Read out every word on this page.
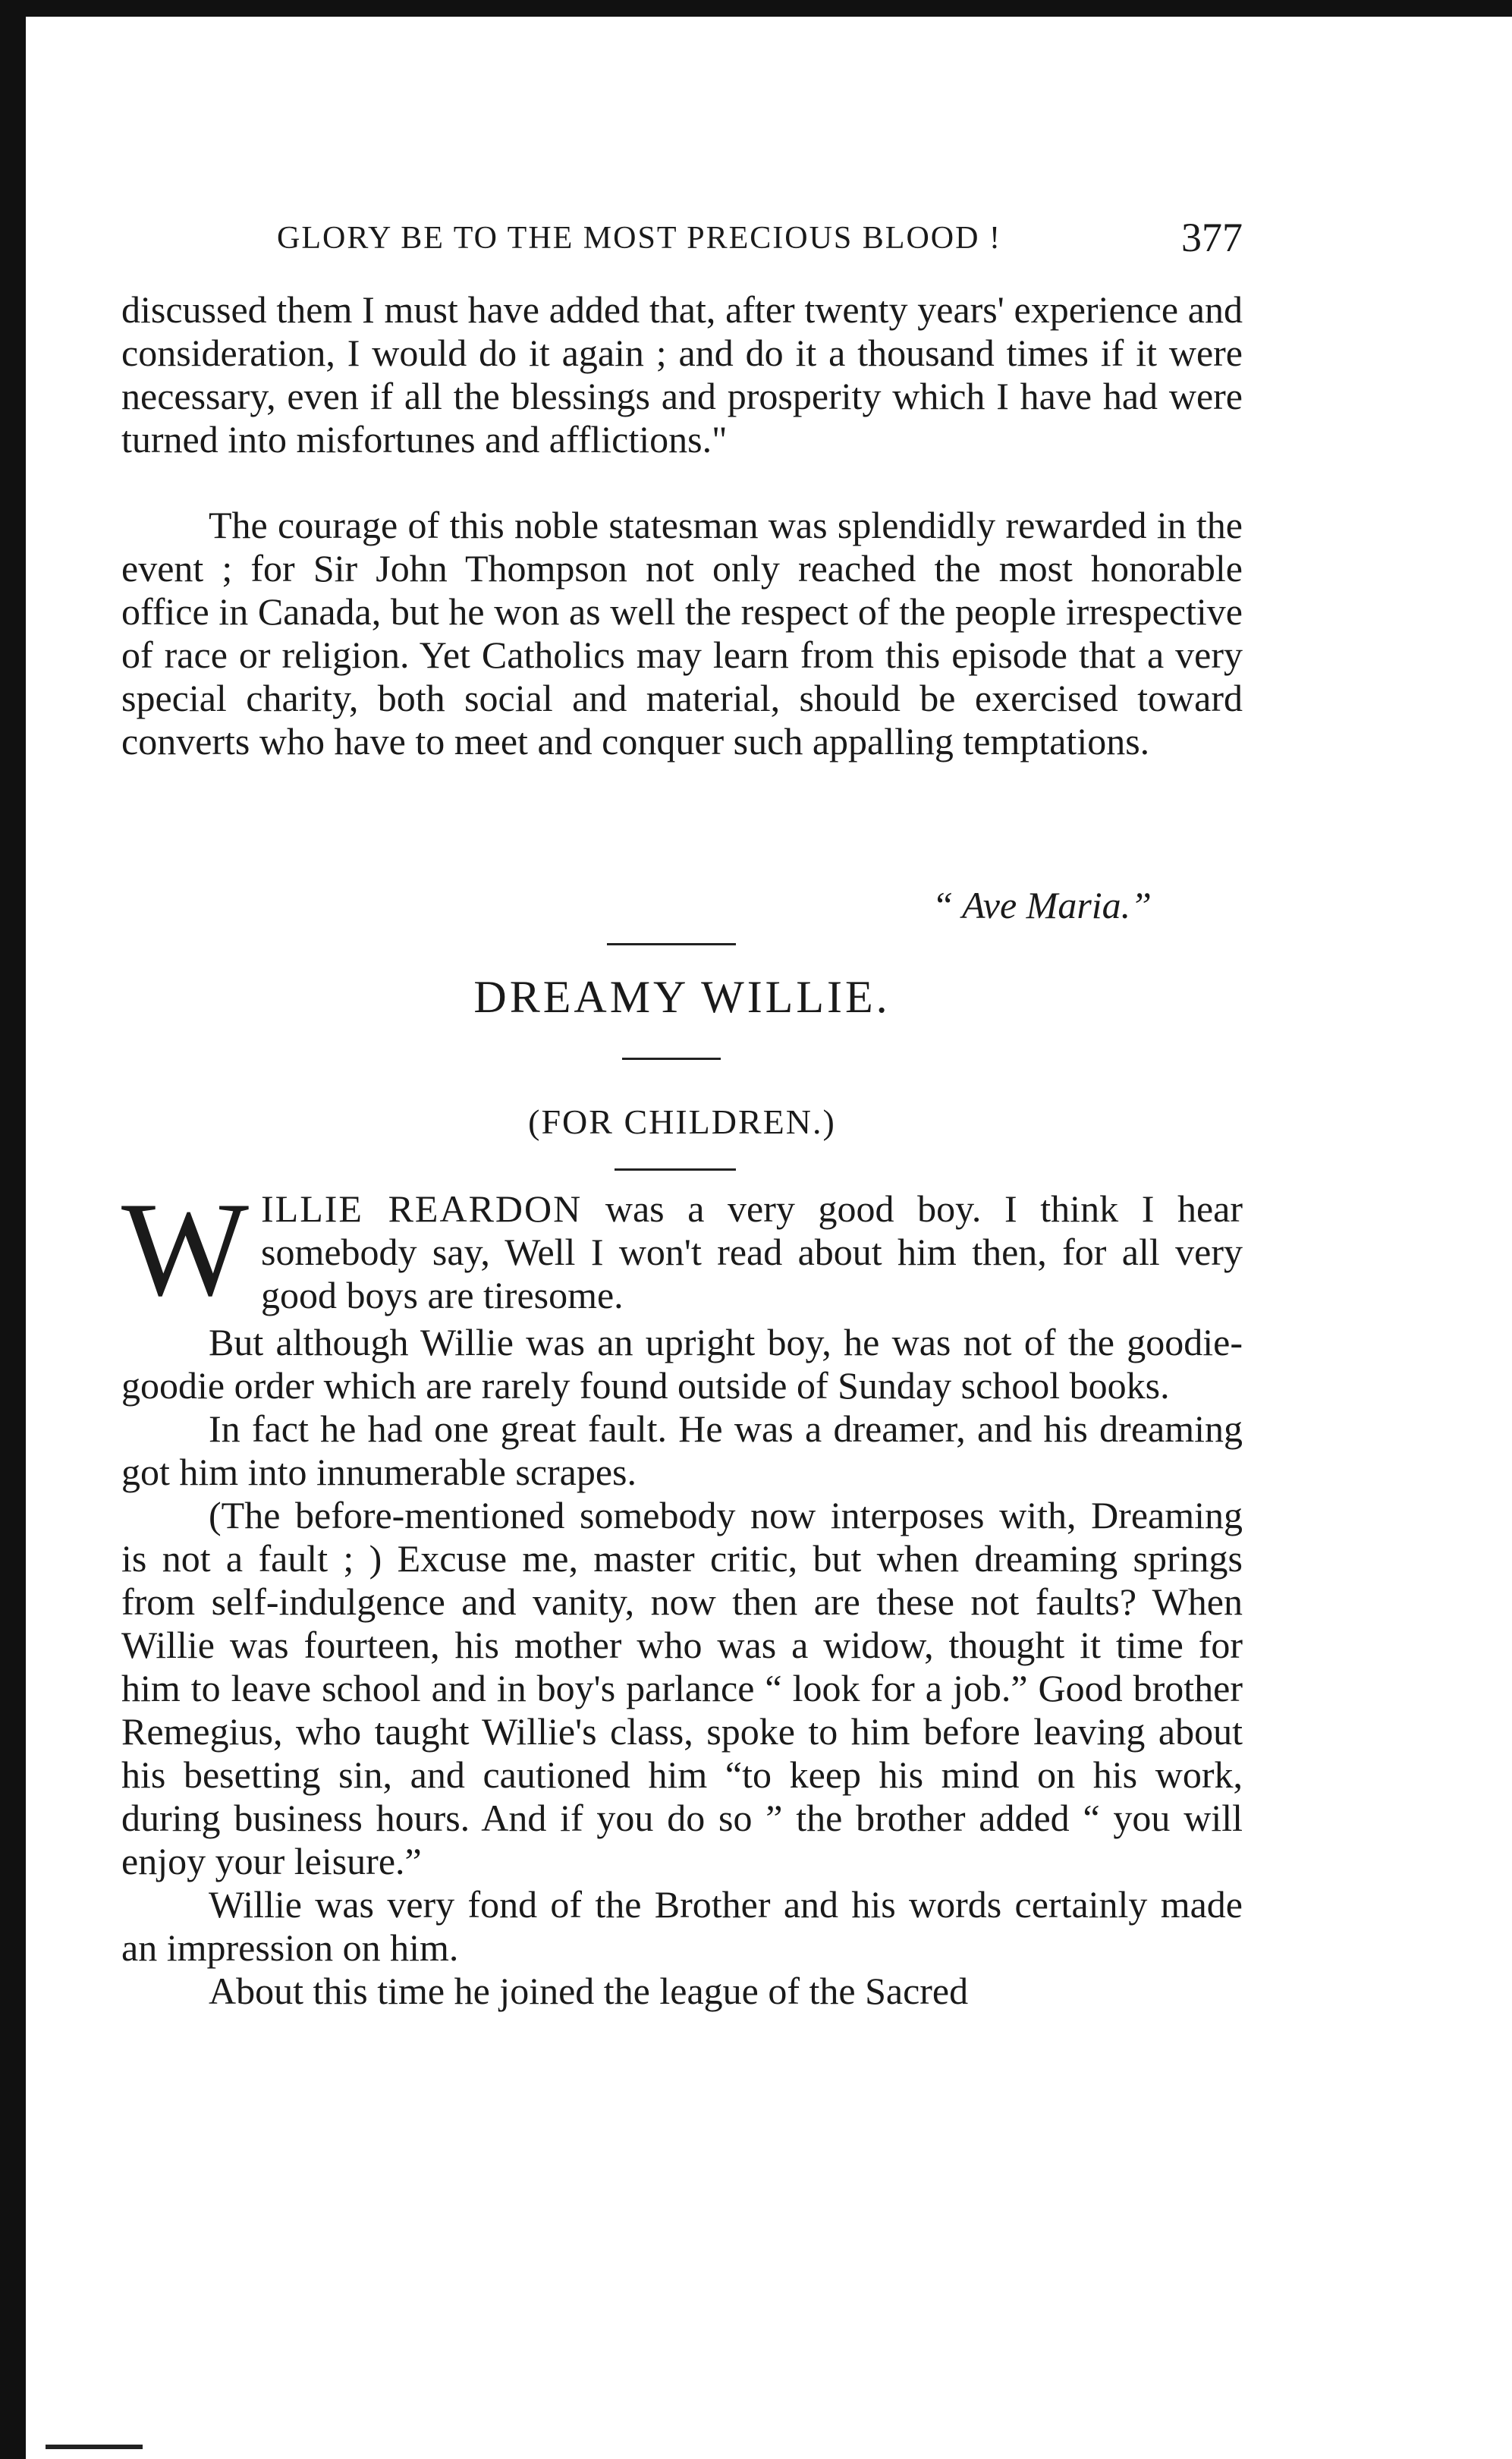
GLORY BE TO THE MOST PRECIOUS BLOOD !	377

discussed them I must have added that, after twenty years' experience and consideration, I would do it again ; and do it a thousand times if it were necessary, even if all the blessings and prosperity which I have had were turned into misfortunes and afflictions."

The courage of this noble statesman was splendidly rewarded in the event ; for Sir John Thompson not only reached the most honorable office in Canada, but he won as well the respect of the people irrespective of race or religion. Yet Catholics may learn from this episode that a very special charity, both social and material, should be exercised toward converts who have to meet and conquer such appalling temptations.

“ Ave Maria.”
DREAMY WILLIE.
(FOR CHILDREN.)
W ILLIE REARDON was a very good boy. I think I hear somebody say, Well I won't read about him then, for all very good boys are tiresome.

But although Willie was an upright boy, he was not of the goodie-goodie order which are rarely found outside of Sunday school books.

In fact he had one great fault. He was a dreamer, and his dreaming got him into innumerable scrapes.

(The before-mentioned somebody now interposes with, Dreaming is not a fault ; ) Excuse me, master critic, but when dreaming springs from self-indulgence and vanity, now then are these not faults? When Willie was fourteen, his mother who was a widow, thought it time for him to leave school and in boy's parlance “ look for a job.” Good brother Remegius, who taught Willie's class, spoke to him before leaving about his besetting sin, and cautioned him “to keep his mind on his work, during business hours. And if you do so ” the brother added “ you will enjoy your leisure.”

Willie was very fond of the Brother and his words certainly made an impression on him.

About this time he joined the league of the Sacred
